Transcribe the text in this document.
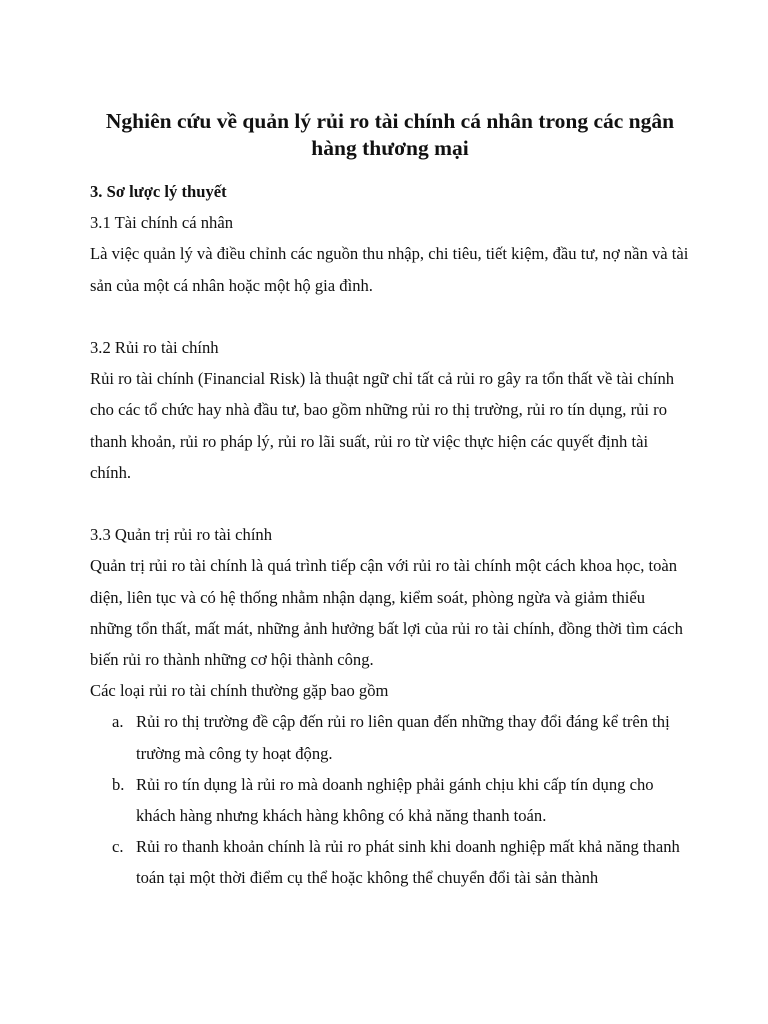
Nghiên cứu về quản lý rủi ro tài chính cá nhân trong các ngân hàng thương mại

3. Sơ lược lý thuyết

3.1 Tài chính cá nhân

Là việc quản lý và điều chỉnh các nguồn thu nhập, chi tiêu, tiết kiệm, đầu tư, nợ nần và tài sản của một cá nhân hoặc một hộ gia đình.

3.2 Rủi ro tài chính

Rủi ro tài chính (Financial Risk) là thuật ngữ chỉ tất cả rủi ro gây ra tổn thất về tài chính cho các tổ chức hay nhà đầu tư, bao gồm những rủi ro thị trường, rủi ro tín dụng, rủi ro thanh khoản, rủi ro pháp lý, rủi ro lãi suất, rủi ro từ việc thực hiện các quyết định tài chính.

3.3 Quản trị rủi ro tài chính

Quản trị rủi ro tài chính là quá trình tiếp cận với rủi ro tài chính một cách khoa học, toàn diện, liên tục và có hệ thống nhằm nhận dạng, kiểm soát, phòng ngừa và giảm thiểu những tổn thất, mất mát, những ảnh hưởng bất lợi của rủi ro tài chính, đồng thời tìm cách biến rủi ro thành những cơ hội thành công.

Các loại rủi ro tài chính thường gặp bao gồm

a. Rủi ro thị trường đề cập đến rủi ro liên quan đến những thay đổi đáng kể trên thị trường mà công ty hoạt động.
b. Rủi ro tín dụng là rủi ro mà doanh nghiệp phải gánh chịu khi cấp tín dụng cho khách hàng nhưng khách hàng không có khả năng thanh toán.
c. Rủi ro thanh khoản chính là rủi ro phát sinh khi doanh nghiệp mất khả năng thanh toán tại một thời điểm cụ thể hoặc không thể chuyển đổi tài sản thành
